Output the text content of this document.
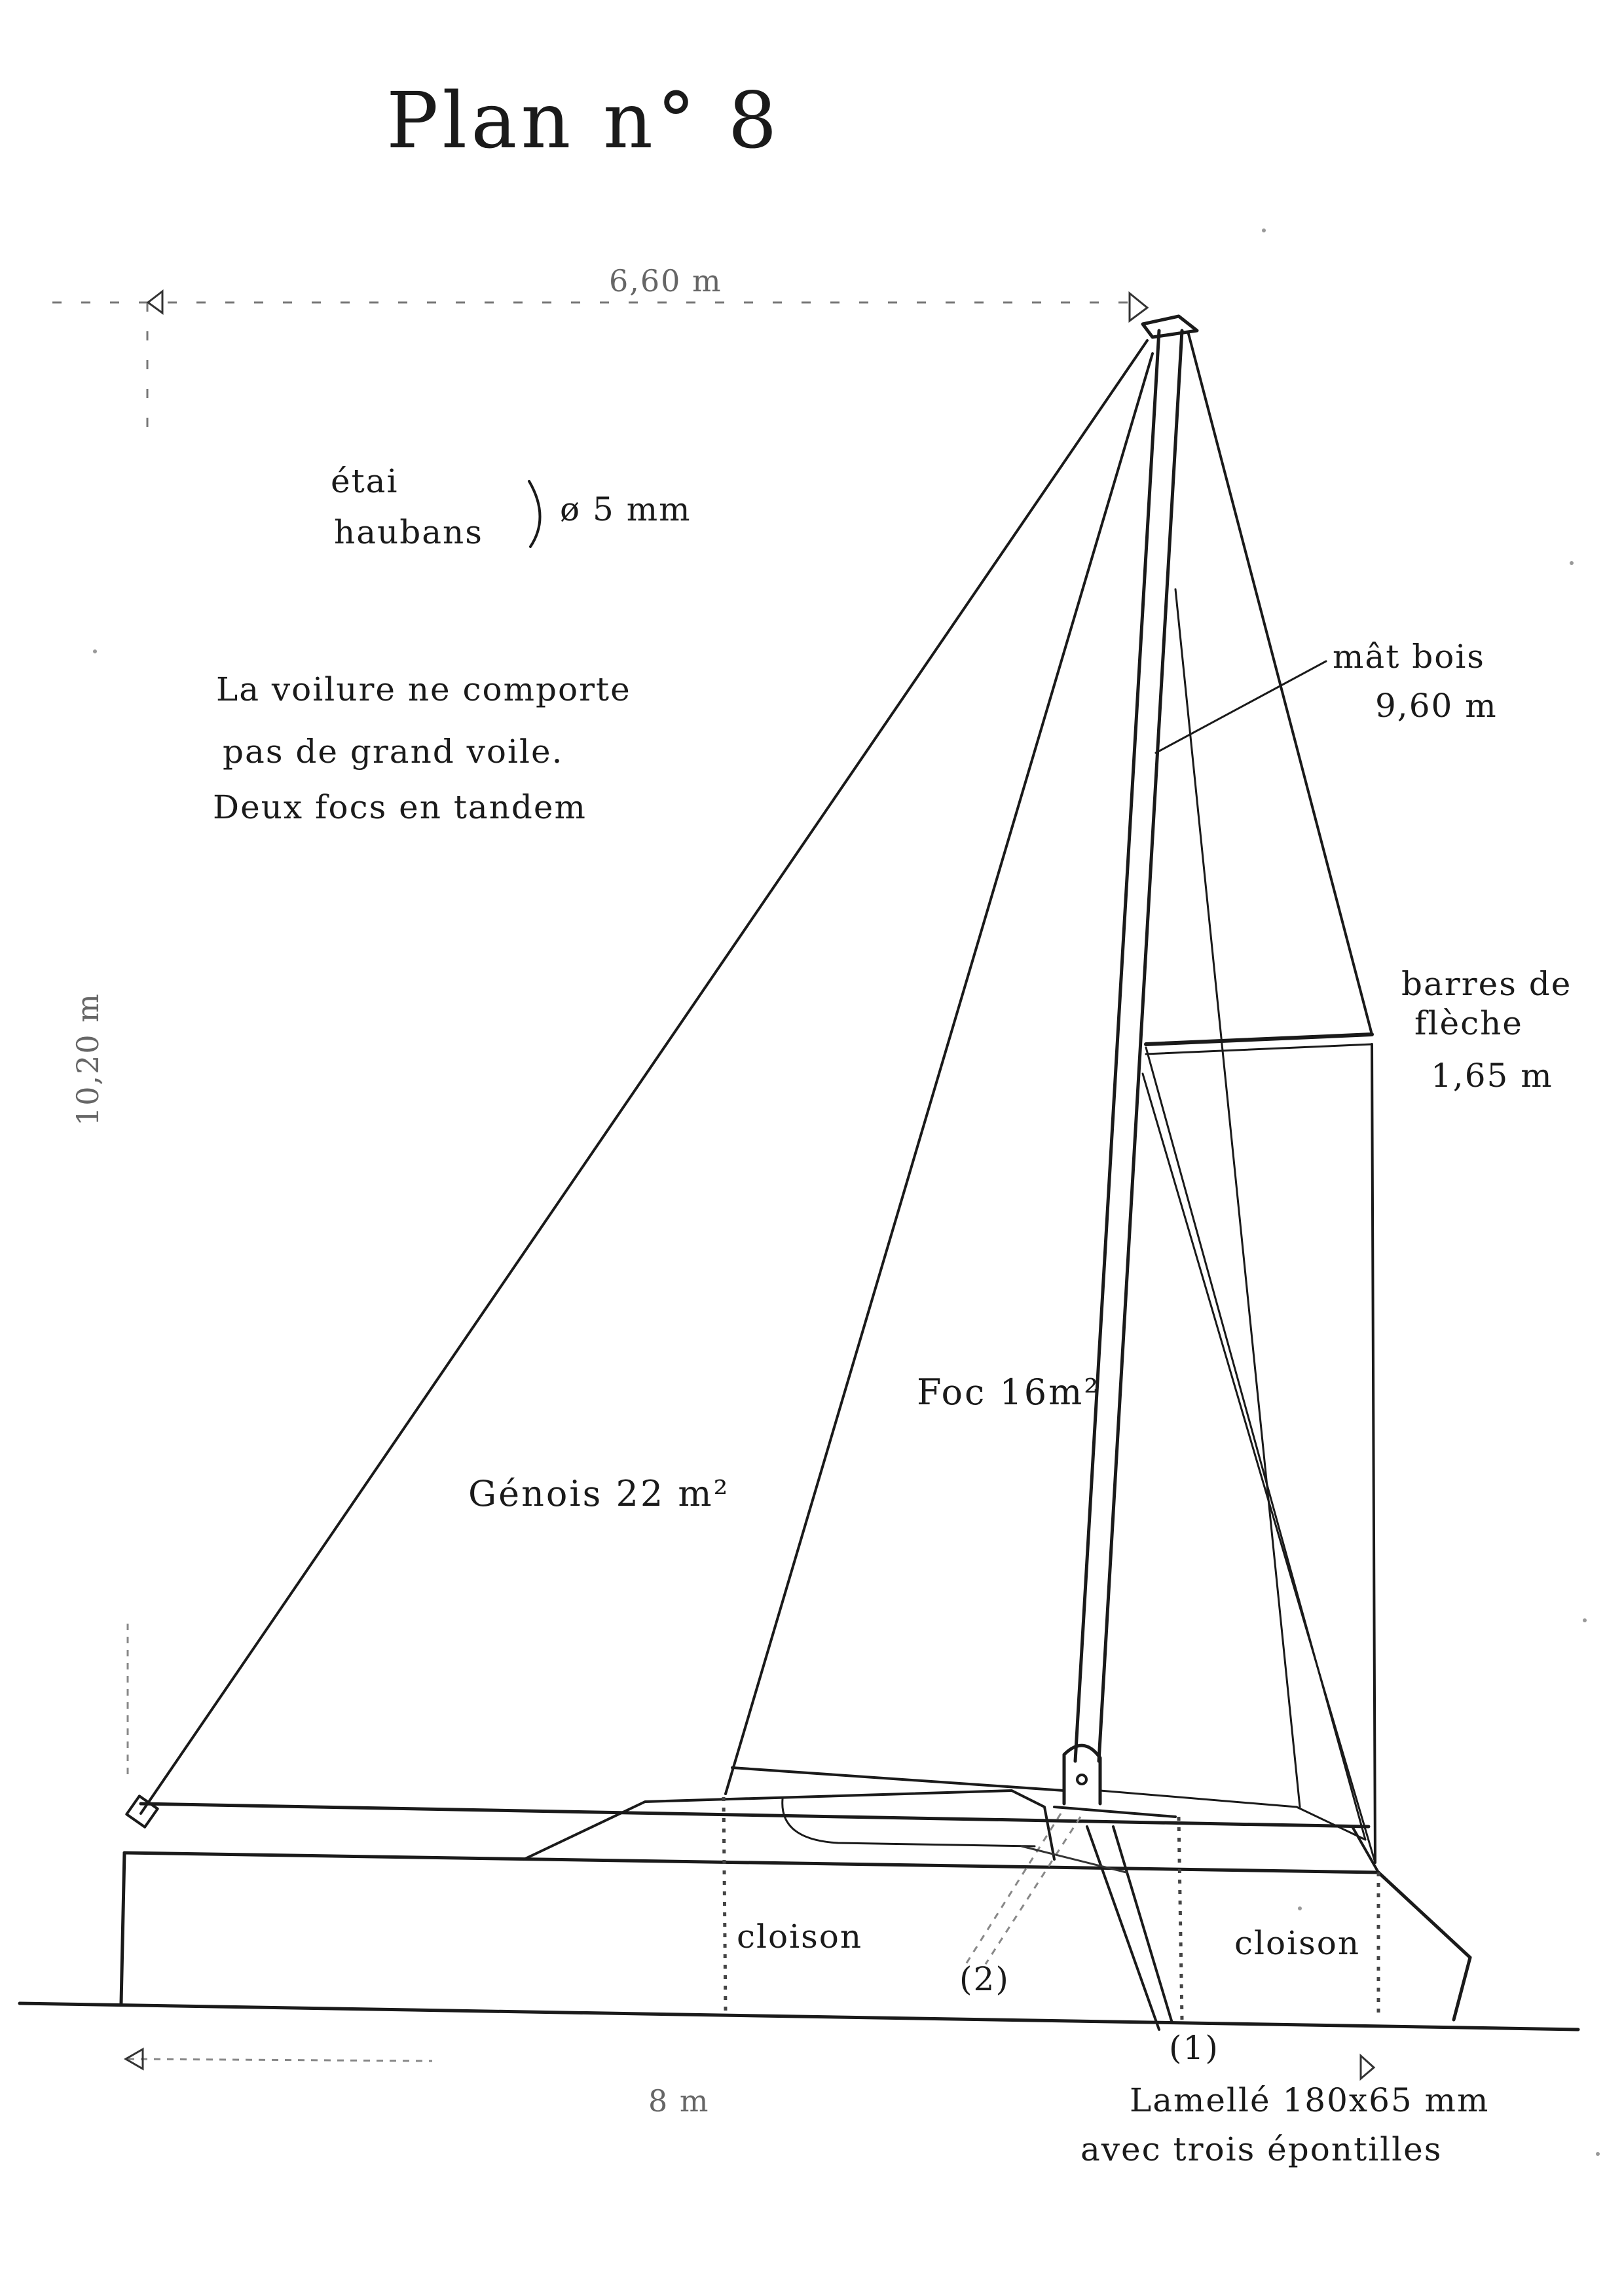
Plan n° 8
6,60 m
étai
haubans
ø 5 mm
La voilure ne comporte
pas de grand voile.
Deux focs en tandem
10,20 m
mât bois
9,60 m
barres de
flèche
1,65 m
Foc 16m²
Génois 22 m²
cloison	cloison
(2)
(1)
8 m	Lamellé 180x65 mm
avec trois épontilles
